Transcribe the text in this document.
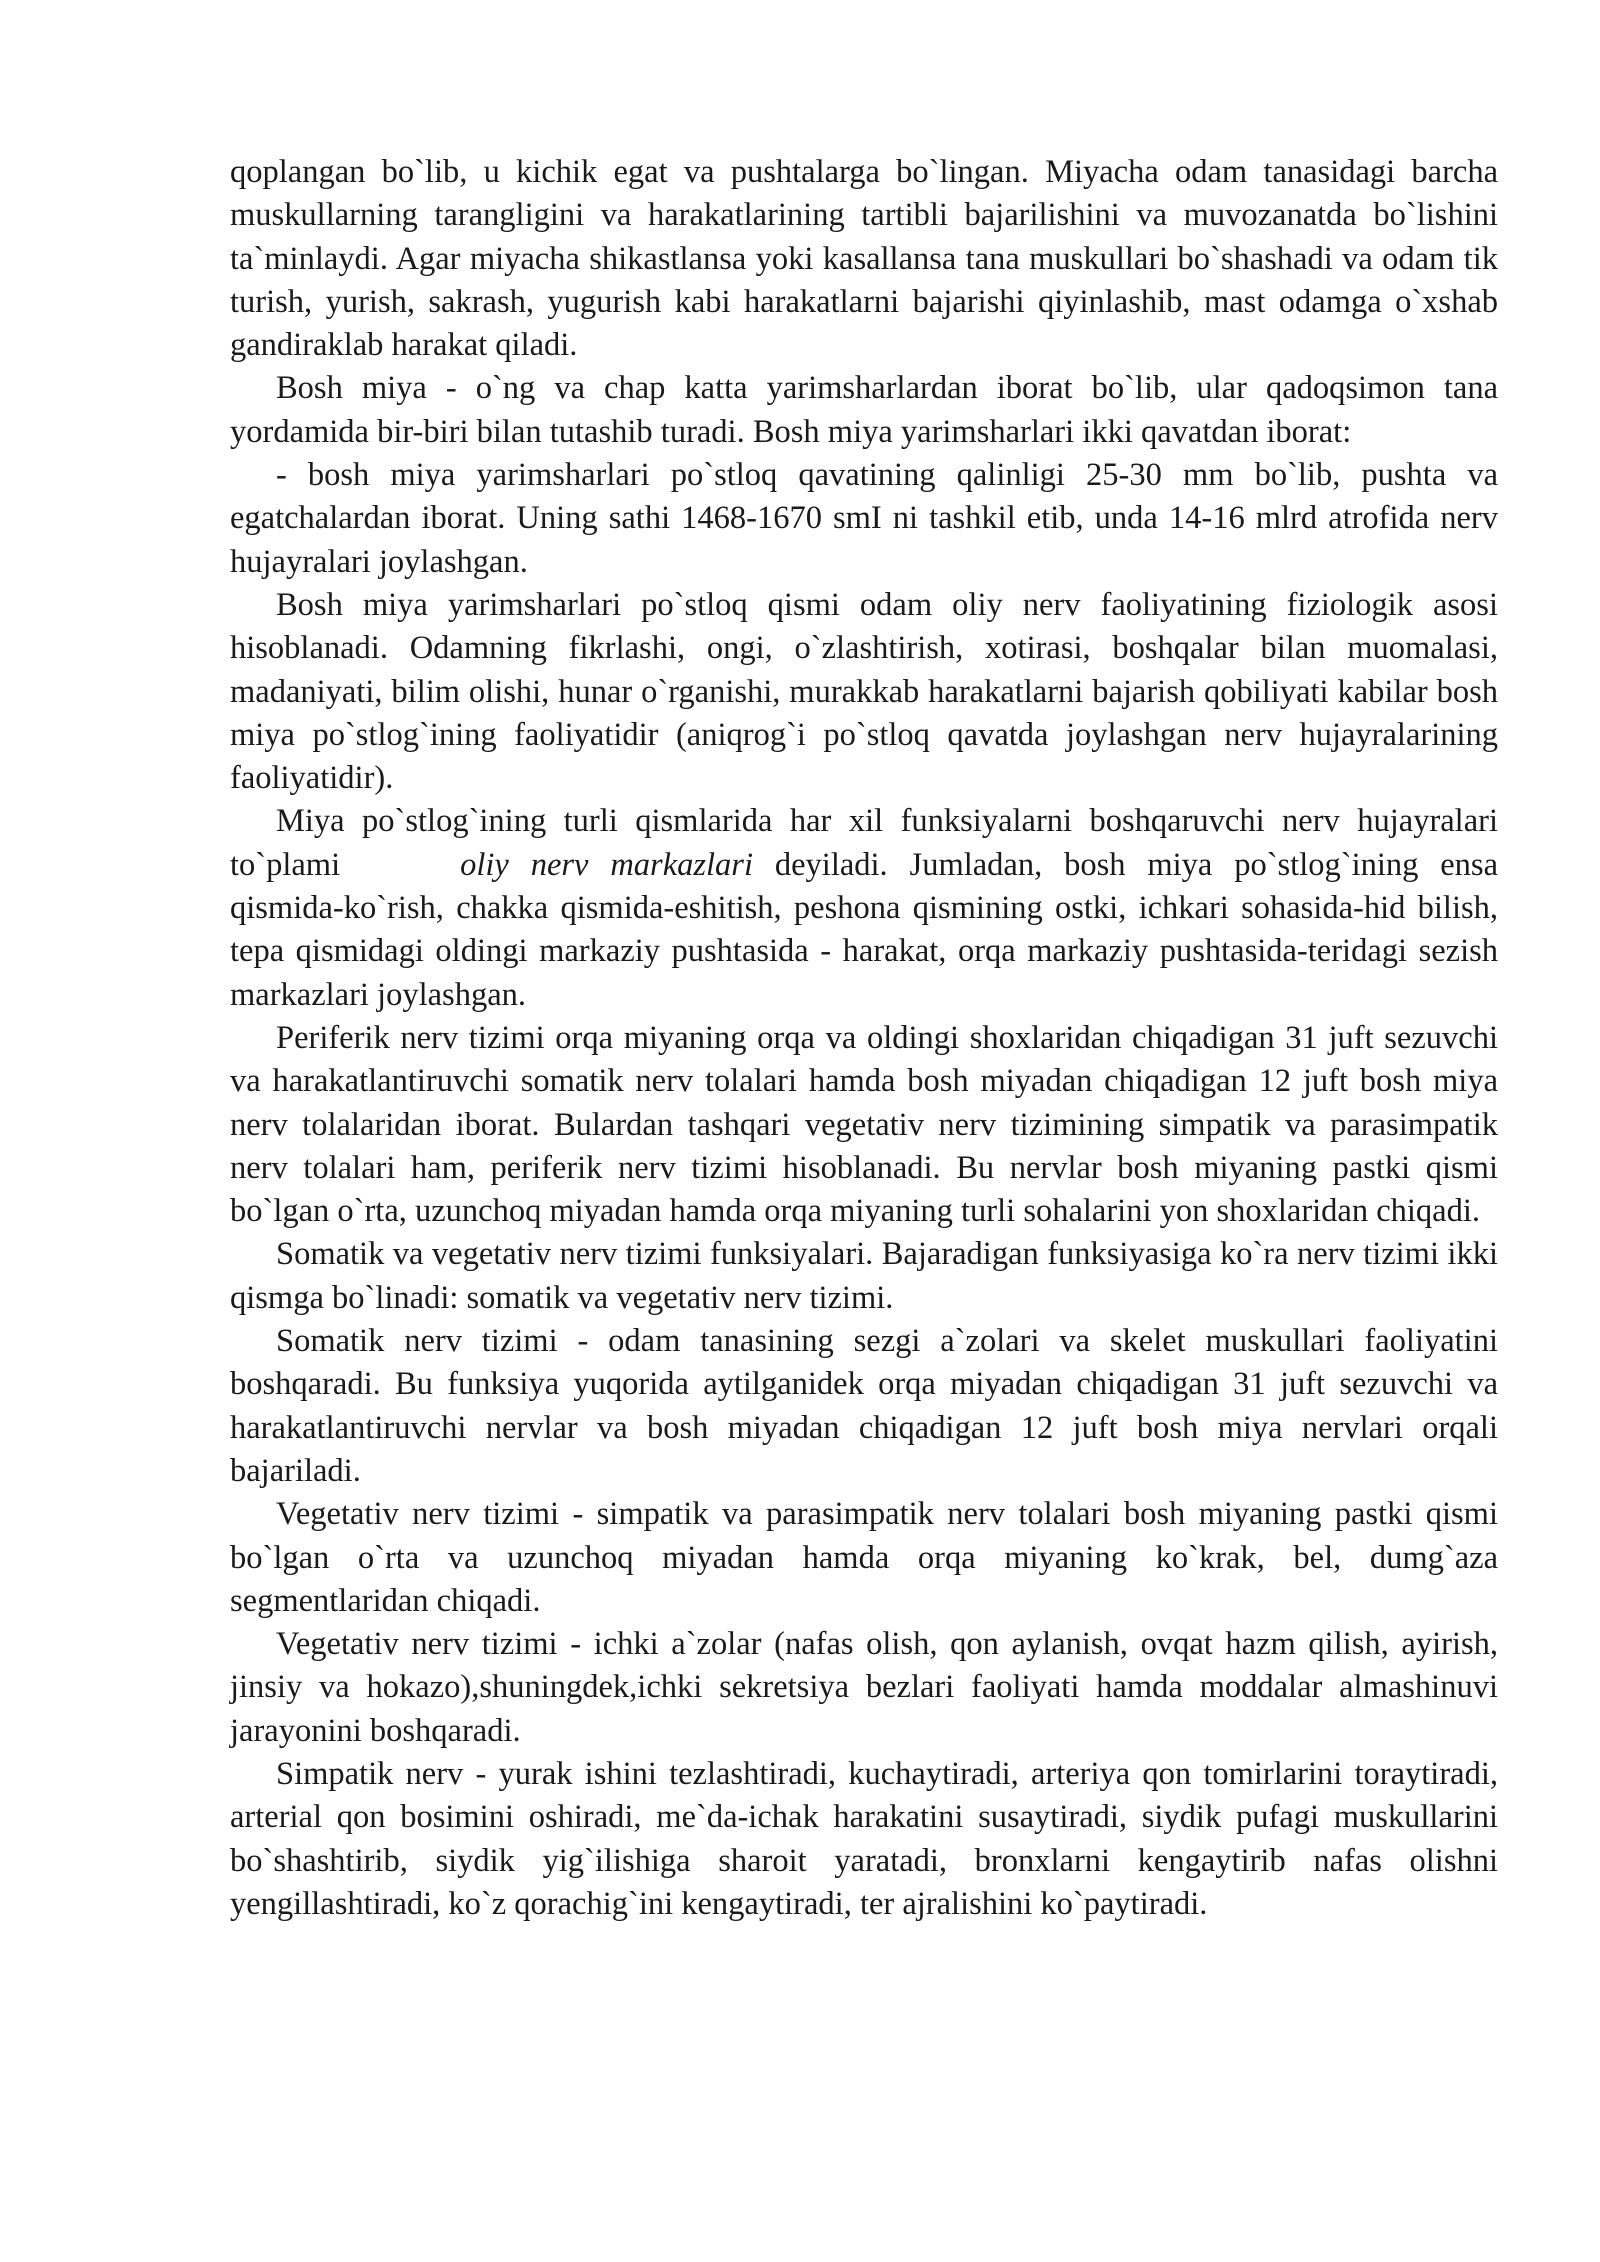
qoplangan bo`lib, u kichik egat va pushtalarga bo`lingan. Miyacha odam tanasidagi barcha muskullarning tarangligini va harakatlarining tartibli bajarilishini va muvozanatda bo`lishini ta`minlaydi. Agar miyacha shikastlansa yoki kasallansa tana muskullari bo`shashadi va odam tik turish, yurish, sakrash, yugurish kabi harakatlarni bajarishi qiyinlashib, mast odamga o`xshab gandiraklab harakat qiladi.

Bosh miya - o`ng va chap katta yarimsharlardan iborat bo`lib, ular qadoqsimon tana yordamida bir-biri bilan tutashib turadi. Bosh miya yarimsharlari ikki qavatdan iborat:

- bosh miya yarimsharlari po`stloq qavatining qalinligi 25-30 mm bo`lib, pushta va egatchalardan iborat. Uning sathi 1468-1670 smI ni tashkil etib, unda 14-16 mlrd atrofida nerv hujayralari joylashgan.

Bosh miya yarimsharlari po`stloq qismi odam oliy nerv faoliyatining fiziologik asosi hisoblanadi. Odamning fikrlashi, ongi, o`zlashtirish, xotirasi, boshqalar bilan muomalasi, madaniyati, bilim olishi, hunar o`rganishi, murakkab harakatlarni bajarish qobiliyati kabilar bosh miya po`stlog`ining faoliyatidir (aniqrog`i po`stloq qavatda joylashgan nerv hujayralarining faoliyatidir).

Miya po`stlog`ining turli qismlarida har xil funksiyalarni boshqaruvchi nerv hujayralari to`plami	oliy nerv markazlari deyiladi. Jumladan, bosh miya po`stlog`ining ensa qismida-ko`rish, chakka qismida-eshitish, peshona qismining ostki, ichkari sohasida-hid bilish, tepa qismidagi oldingi markaziy pushtasida - harakat, orqa markaziy pushtasida-teridagi sezish markazlari joylashgan.

Periferik nerv tizimi orqa miyaning orqa va oldingi shoxlaridan chiqadigan 31 juft sezuvchi va harakatlantiruvchi somatik nerv tolalari hamda bosh miyadan chiqadigan 12 juft bosh miya nerv tolalaridan iborat. Bulardan tashqari vegetativ nerv tizimining simpatik va parasimpatik nerv tolalari ham, periferik nerv tizimi hisoblanadi. Bu nervlar bosh miyaning pastki qismi bo`lgan o`rta, uzunchoq miyadan hamda orqa miyaning turli sohalarini yon shoxlaridan chiqadi.

Somatik va vegetativ nerv tizimi funksiyalari. Bajaradigan funksiyasiga ko`ra nerv tizimi ikki qismga bo`linadi: somatik va vegetativ nerv tizimi.

Somatik nerv tizimi - odam tanasining sezgi a`zolari va skelet muskullari faoliyatini boshqaradi. Bu funksiya yuqorida aytilganidek orqa miyadan chiqadigan 31 juft sezuvchi va harakatlantiruvchi nervlar va bosh miyadan chiqadigan 12 juft bosh miya nervlari orqali bajariladi.

Vegetativ nerv tizimi - simpatik va parasimpatik nerv tolalari bosh miyaning pastki qismi bo`lgan o`rta va uzunchoq miyadan hamda orqa miyaning ko`krak, bel, dumg`aza segmentlaridan chiqadi.

Vegetativ nerv tizimi - ichki a`zolar (nafas olish, qon aylanish, ovqat hazm qilish, ayirish, jinsiy va hokazo),shuningdek,ichki sekretsiya bezlari faoliyati hamda moddalar almashinuvi jarayonini boshqaradi.

Simpatik nerv - yurak ishini tezlashtiradi, kuchaytiradi, arteriya qon tomirlarini toraytiradi, arterial qon bosimini oshiradi, me`da-ichak harakatini susaytiradi, siydik pufagi muskullarini bo`shashtirib, siydik yig`ilishiga sharoit yaratadi, bronxlarni kengaytirib nafas olishni yengillashtiradi, ko`z qorachig`ini kengaytiradi, ter ajralishini ko`paytiradi.
